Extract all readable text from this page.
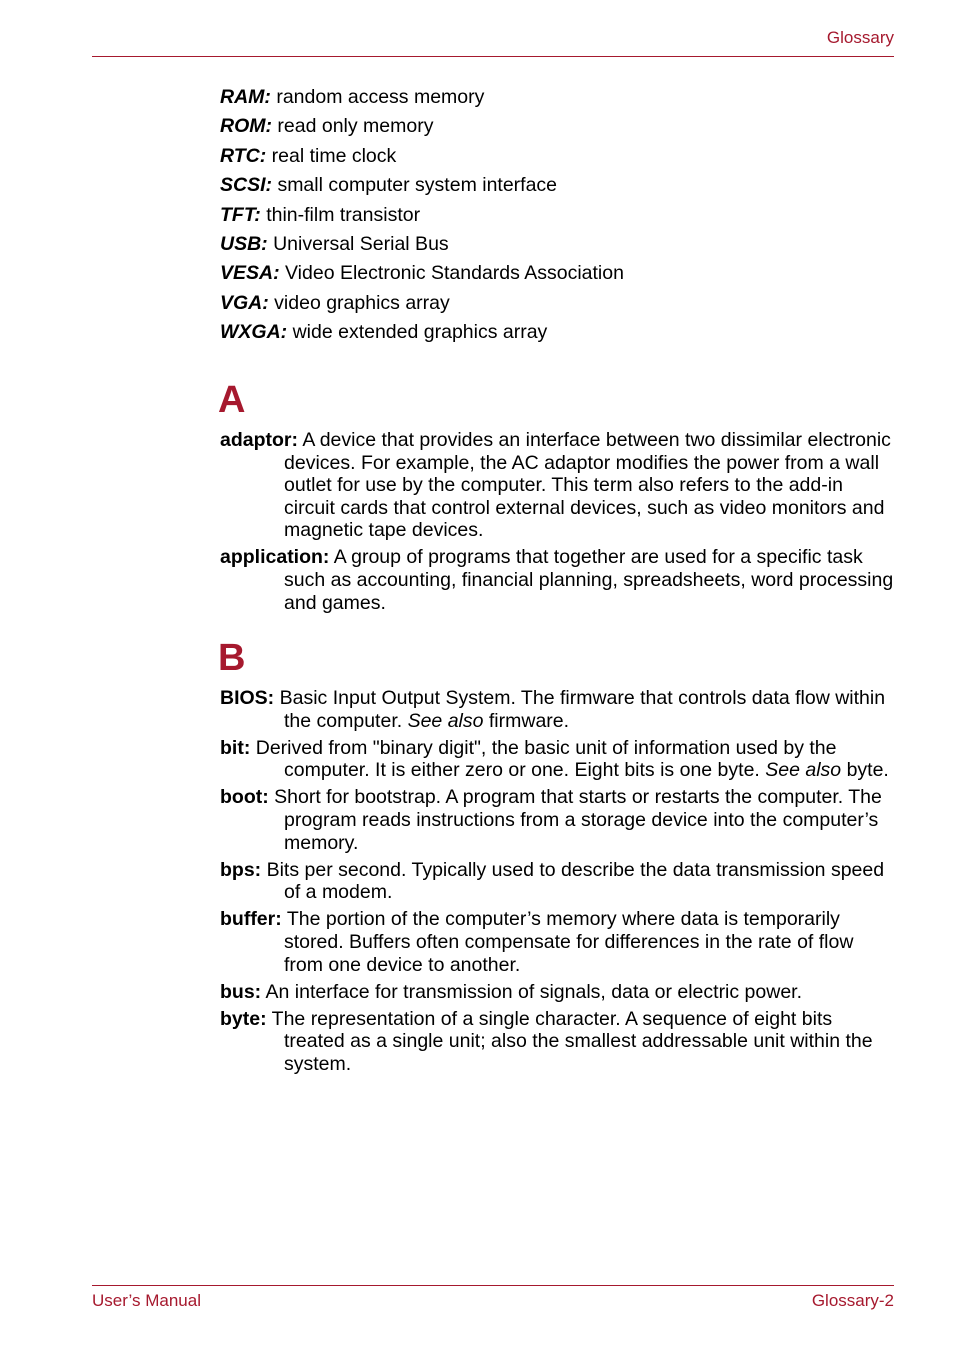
Glossary
RAM: random access memory
ROM: read only memory
RTC: real time clock
SCSI: small computer system interface
TFT: thin-film transistor
USB: Universal Serial Bus
VESA: Video Electronic Standards Association
VGA: video graphics array
WXGA: wide extended graphics array
A
adaptor: A device that provides an interface between two dissimilar electronic devices. For example, the AC adaptor modifies the power from a wall outlet for use by the computer. This term also refers to the add-in circuit cards that control external devices, such as video monitors and magnetic tape devices.
application: A group of programs that together are used for a specific task such as accounting, financial planning, spreadsheets, word processing and games.
B
BIOS: Basic Input Output System. The firmware that controls data flow within the computer. See also firmware.
bit: Derived from "binary digit", the basic unit of information used by the computer. It is either zero or one. Eight bits is one byte. See also byte.
boot: Short for bootstrap. A program that starts or restarts the computer. The program reads instructions from a storage device into the computer’s memory.
bps: Bits per second. Typically used to describe the data transmission speed of a modem.
buffer: The portion of the computer’s memory where data is temporarily stored. Buffers often compensate for differences in the rate of flow from one device to another.
bus: An interface for transmission of signals, data or electric power.
byte: The representation of a single character. A sequence of eight bits treated as a single unit; also the smallest addressable unit within the system.
User’s Manual	Glossary-2
